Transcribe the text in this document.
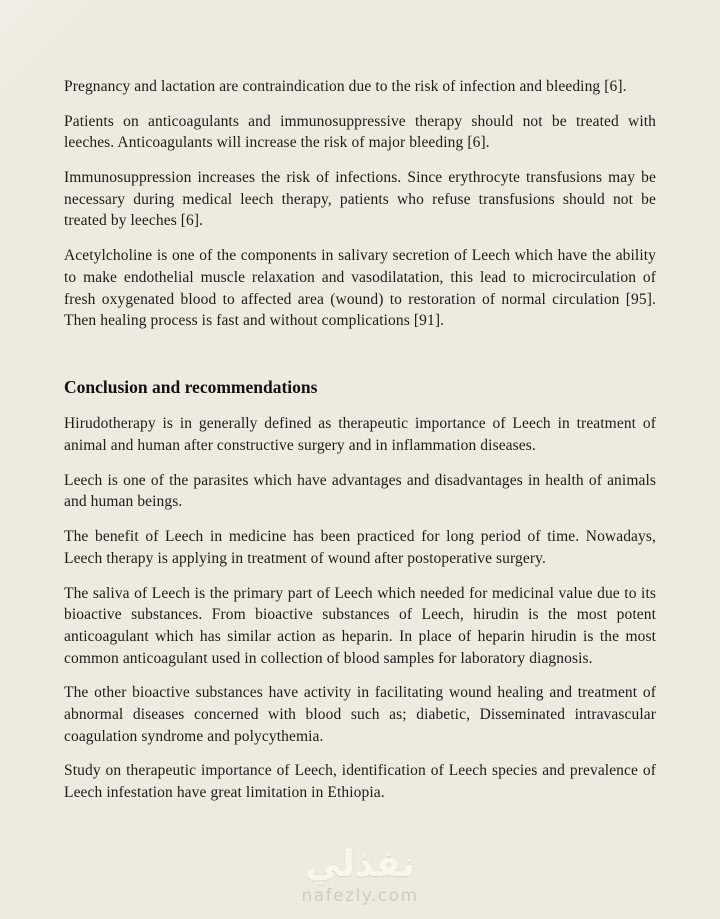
Pregnancy and lactation are contraindication due to the risk of infection and bleeding [6].

Patients on anticoagulants and immunosuppressive therapy should not be treated with leeches. Anticoagulants will increase the risk of major bleeding [6].

Immunosuppression increases the risk of infections. Since erythrocyte transfusions may be necessary during medical leech therapy, patients who refuse transfusions should not be treated by leeches [6].

Acetylcholine is one of the components in salivary secretion of Leech which have the ability to make endothelial muscle relaxation and vasodilatation, this lead to microcirculation of fresh oxygenated blood to affected area (wound) to restoration of normal circulation [95]. Then healing process is fast and without complications [91].

Conclusion and recommendations

Hirudotherapy is in generally defined as therapeutic importance of Leech in treatment of animal and human after constructive surgery and in inflammation diseases.

Leech is one of the parasites which have advantages and disadvantages in health of animals and human beings.

The benefit of Leech in medicine has been practiced for long period of time. Nowadays, Leech therapy is applying in treatment of wound after postoperative surgery.

The saliva of Leech is the primary part of Leech which needed for medicinal value due to its bioactive substances. From bioactive substances of Leech, hirudin is the most potent anticoagulant which has similar action as heparin. In place of heparin hirudin is the most common anticoagulant used in collection of blood samples for laboratory diagnosis.

The other bioactive substances have activity in facilitating wound healing and treatment of abnormal diseases concerned with blood such as; diabetic, Disseminated intravascular coagulation syndrome and polycythemia.

Study on therapeutic importance of Leech, identification of Leech species and prevalence of Leech infestation have great limitation in Ethiopia.

نفذلي
nafezly.com
